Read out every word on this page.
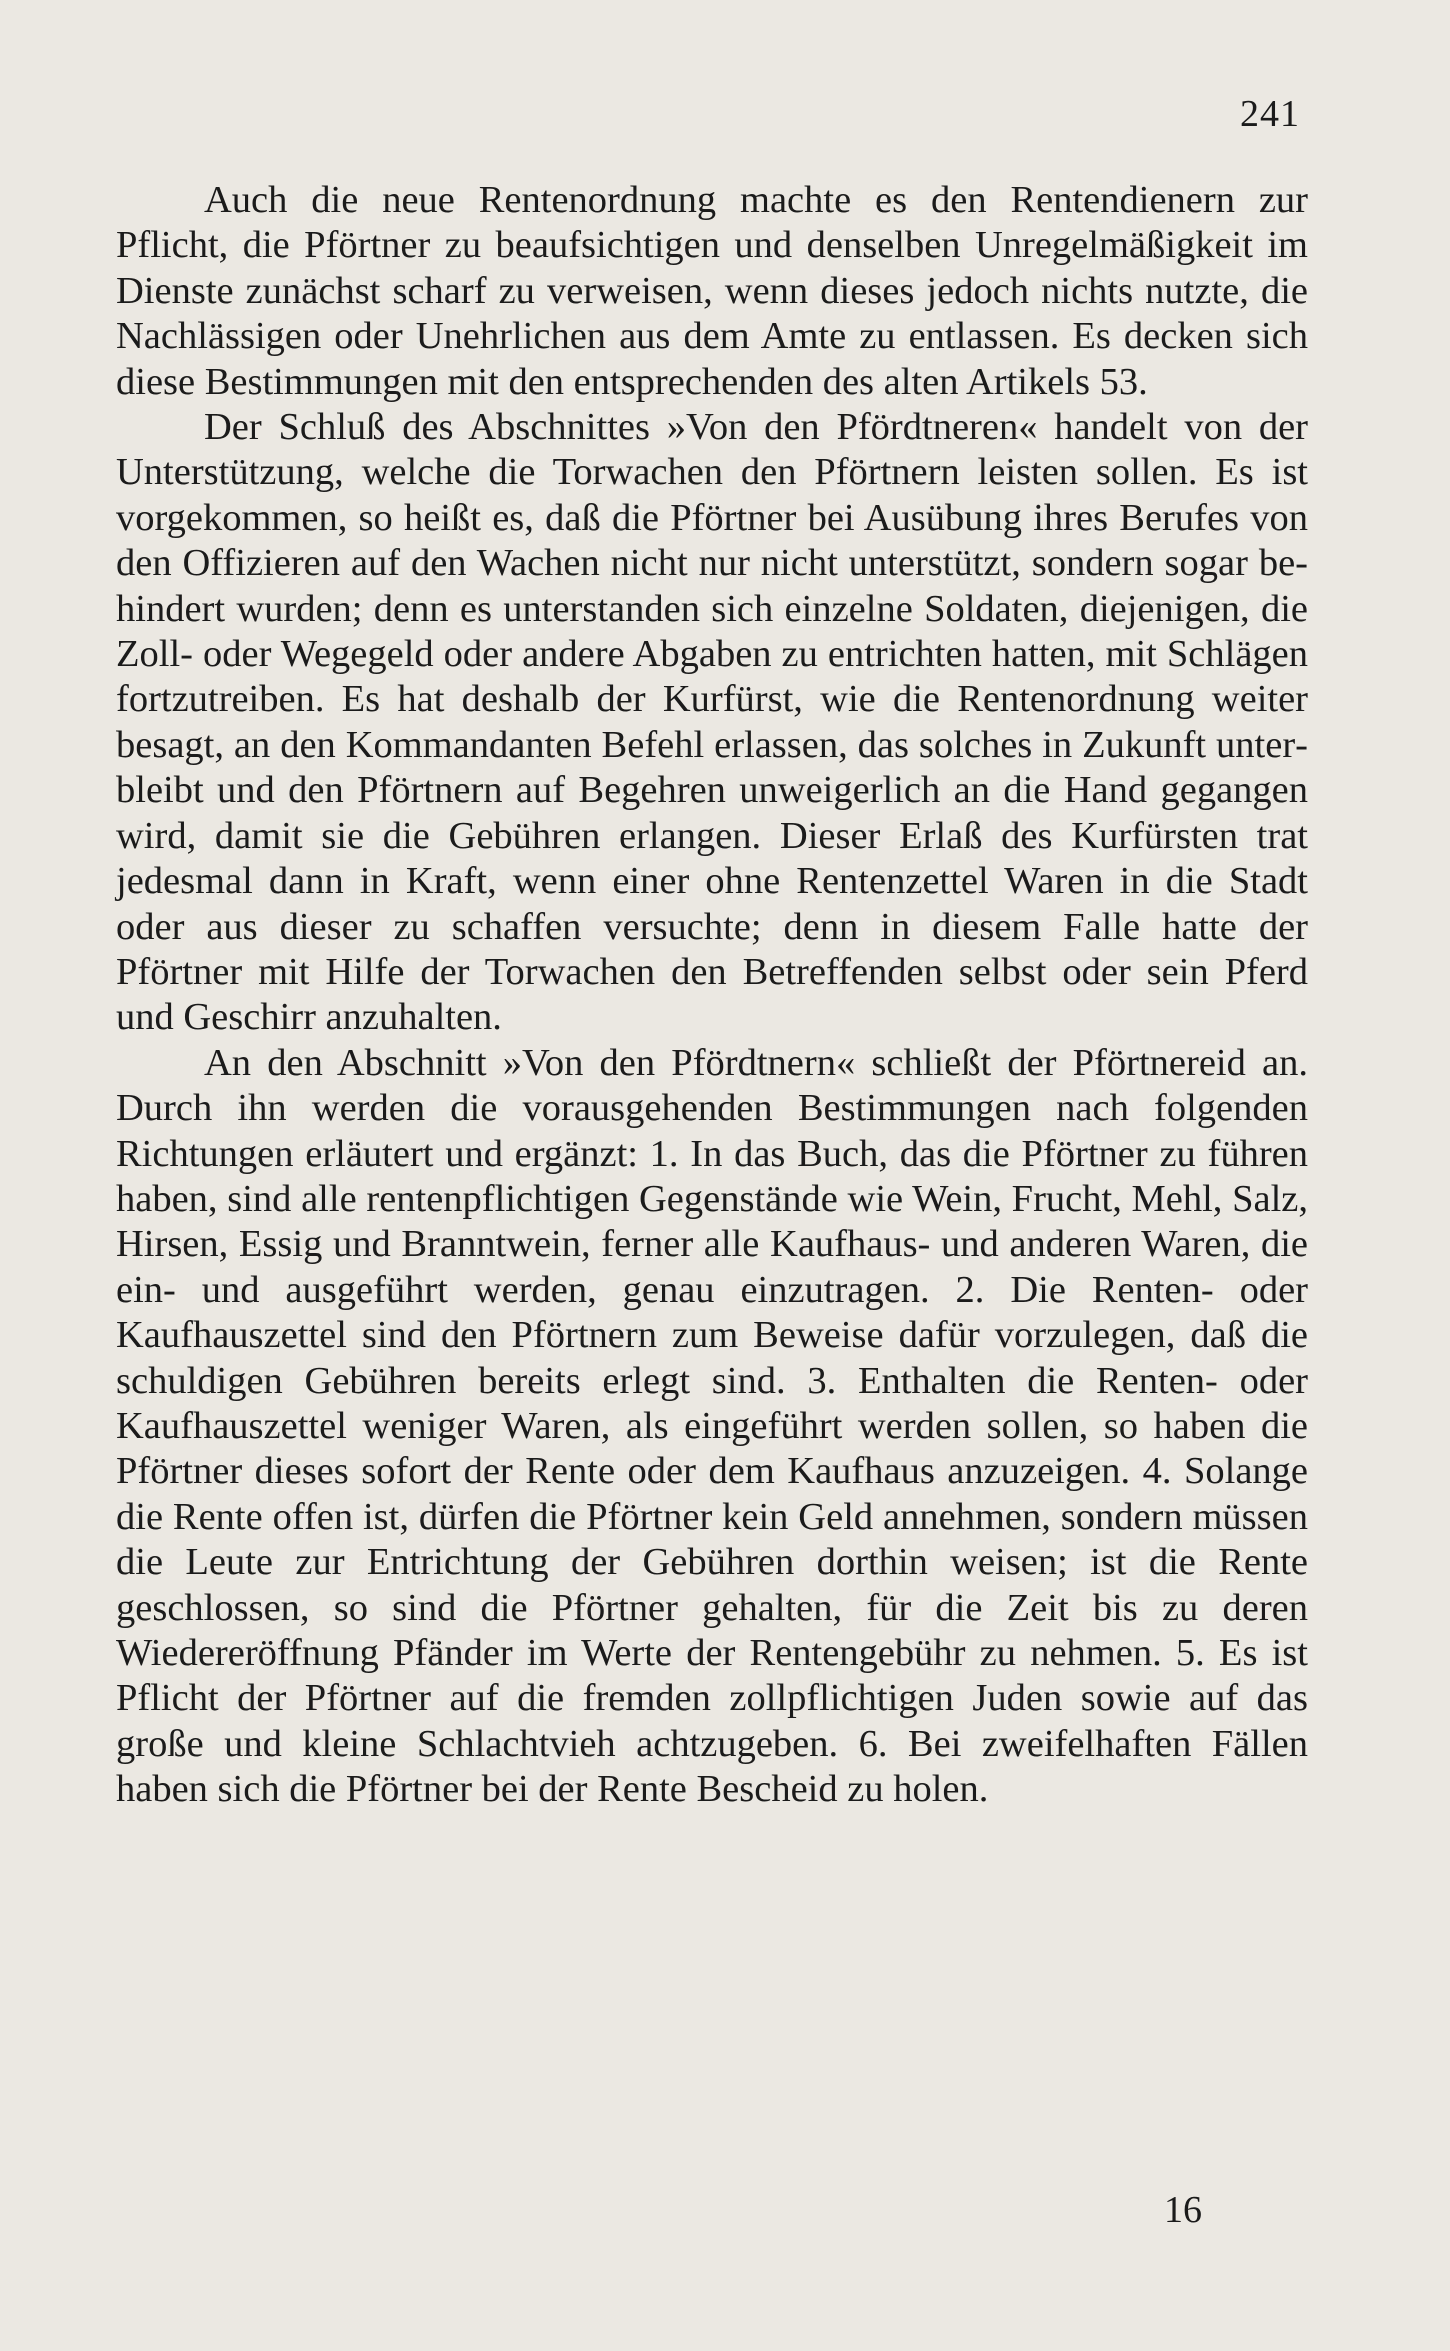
241

Auch die neue Rentenordnung machte es den Rentendienern zur Pflicht, die Pförtner zu beaufsichtigen und denselben Unregelmäßigkeit im Dienste zunächst scharf zu verweisen, wenn dieses jedoch nichts nutzte, die Nachlässigen oder Unehrlichen aus dem Amte zu entlassen. Es decken sich diese Bestimmungen mit den entsprechenden des alten Artikels 53.

Der Schluß des Abschnittes »Von den Pfördtneren« handelt von der Unterstützung, welche die Torwachen den Pförtnern leisten sollen. Es ist vorgekommen, so heißt es, daß die Pförtner bei Ausübung ihres Berufes von den Offizieren auf den Wachen nicht nur nicht unterstützt, sondern sogar behindert wurden; denn es unterstanden sich einzelne Soldaten, diejenigen, die Zoll- oder Wegegeld oder andere Abgaben zu entrichten hatten, mit Schlägen fortzutreiben. Es hat deshalb der Kurfürst, wie die Rentenordnung weiter besagt, an den Kommandanten Befehl erlassen, das solches in Zukunft unterbleibt und den Pförtnern auf Begehren unweigerlich an die Hand gegangen wird, damit sie die Gebühren erlangen. Dieser Erlaß des Kurfürsten trat jedesmal dann in Kraft, wenn einer ohne Rentenzettel Waren in die Stadt oder aus dieser zu schaffen versuchte; denn in diesem Falle hatte der Pförtner mit Hilfe der Torwachen den Betreffenden selbst oder sein Pferd und Geschirr anzuhalten.

An den Abschnitt »Von den Pfördtnern« schließt der Pförtnereid an. Durch ihn werden die vorausgehenden Bestimmungen nach folgenden Richtungen erläutert und ergänzt: 1. In das Buch, das die Pförtner zu führen haben, sind alle rentenpflichtigen Gegenstände wie Wein, Frucht, Mehl, Salz, Hirsen, Essig und Branntwein, ferner alle Kaufhaus- und anderen Waren, die ein- und ausgeführt werden, genau einzutragen. 2. Die Renten- oder Kaufhauszettel sind den Pförtnern zum Beweise dafür vorzulegen, daß die schuldigen Gebühren bereits erlegt sind. 3. Enthalten die Renten- oder Kaufhauszettel weniger Waren, als eingeführt werden sollen, so haben die Pförtner dieses sofort der Rente oder dem Kaufhaus anzuzeigen. 4. Solange die Rente offen ist, dürfen die Pförtner kein Geld annehmen, sondern müssen die Leute zur Entrichtung der Gebühren dorthin weisen; ist die Rente geschlossen, so sind die Pförtner gehalten, für die Zeit bis zu deren Wiedereröffnung Pfänder im Werte der Rentengebühr zu nehmen. 5. Es ist Pflicht der Pförtner auf die fremden zollpflichtigen Juden sowie auf das große und kleine Schlachtvieh achtzugeben. 6. Bei zweifelhaften Fällen haben sich die Pförtner bei der Rente Bescheid zu holen.

16
